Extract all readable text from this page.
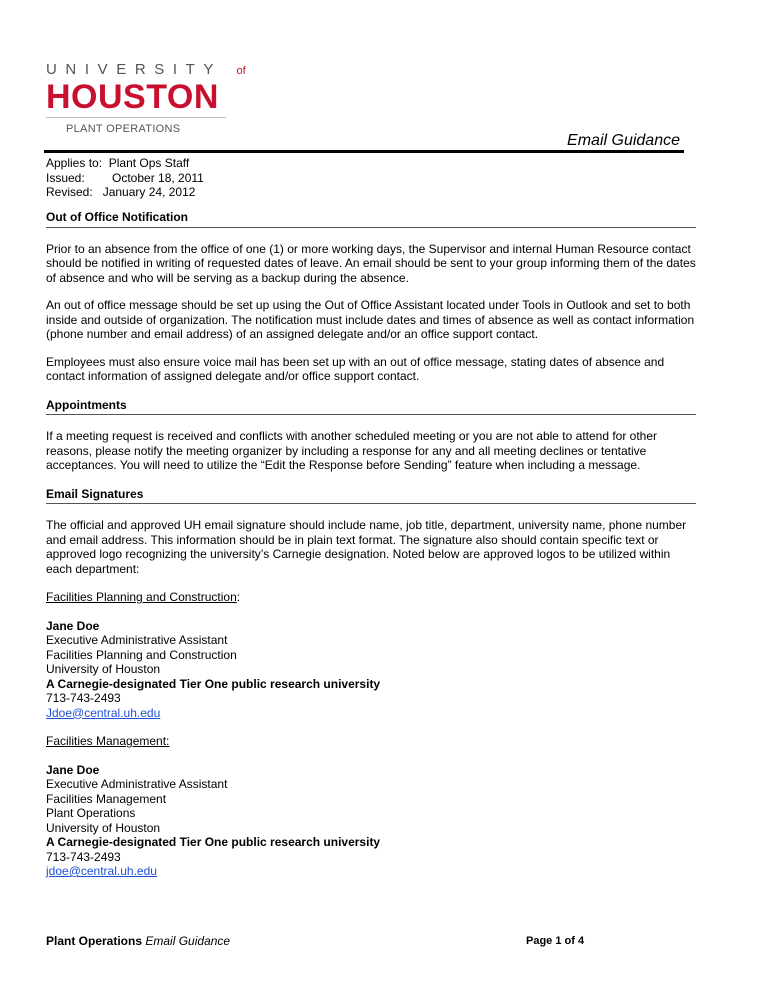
UNIVERSITY of
HOUSTON
PLANT OPERATIONS
Email Guidance
Applies to: Plant Ops Staff
Issued: October 18, 2011
Revised: January 24, 2012
Out of Office Notification

Prior to an absence from the office of one (1) or more working days, the Supervisor and internal Human Resource contact should be notified in writing of requested dates of leave. An email should be sent to your group informing them of the dates of absence and who will be serving as a backup during the absence.

An out of office message should be set up using the Out of Office Assistant located under Tools in Outlook and set to both inside and outside of organization. The notification must include dates and times of absence as well as contact information (phone number and email address) of an assigned delegate and/or an office support contact.

Employees must also ensure voice mail has been set up with an out of office message, stating dates of absence and contact information of assigned delegate and/or office support contact.

Appointments

If a meeting request is received and conflicts with another scheduled meeting or you are not able to attend for other reasons, please notify the meeting organizer by including a response for any and all meeting declines or tentative acceptances. You will need to utilize the “Edit the Response before Sending” feature when including a message.

Email Signatures

The official and approved UH email signature should include name, job title, department, university name, phone number and email address. This information should be in plain text format. The signature also should contain specific text or approved logo recognizing the university’s Carnegie designation. Noted below are approved logos to be utilized within each department:

Facilities Planning and Construction:
Jane Doe
Executive Administrative Assistant
Facilities Planning and Construction
University of Houston
A Carnegie-designated Tier One public research university
713-743-2493
Jdoe@central.uh.edu
Facilities Management:
Jane Doe
Executive Administrative Assistant
Facilities Management
Plant Operations
University of Houston
A Carnegie-designated Tier One public research university
713-743-2493
jdoe@central.uh.edu
Plant Operations Email Guidance	Page 1 of 4
